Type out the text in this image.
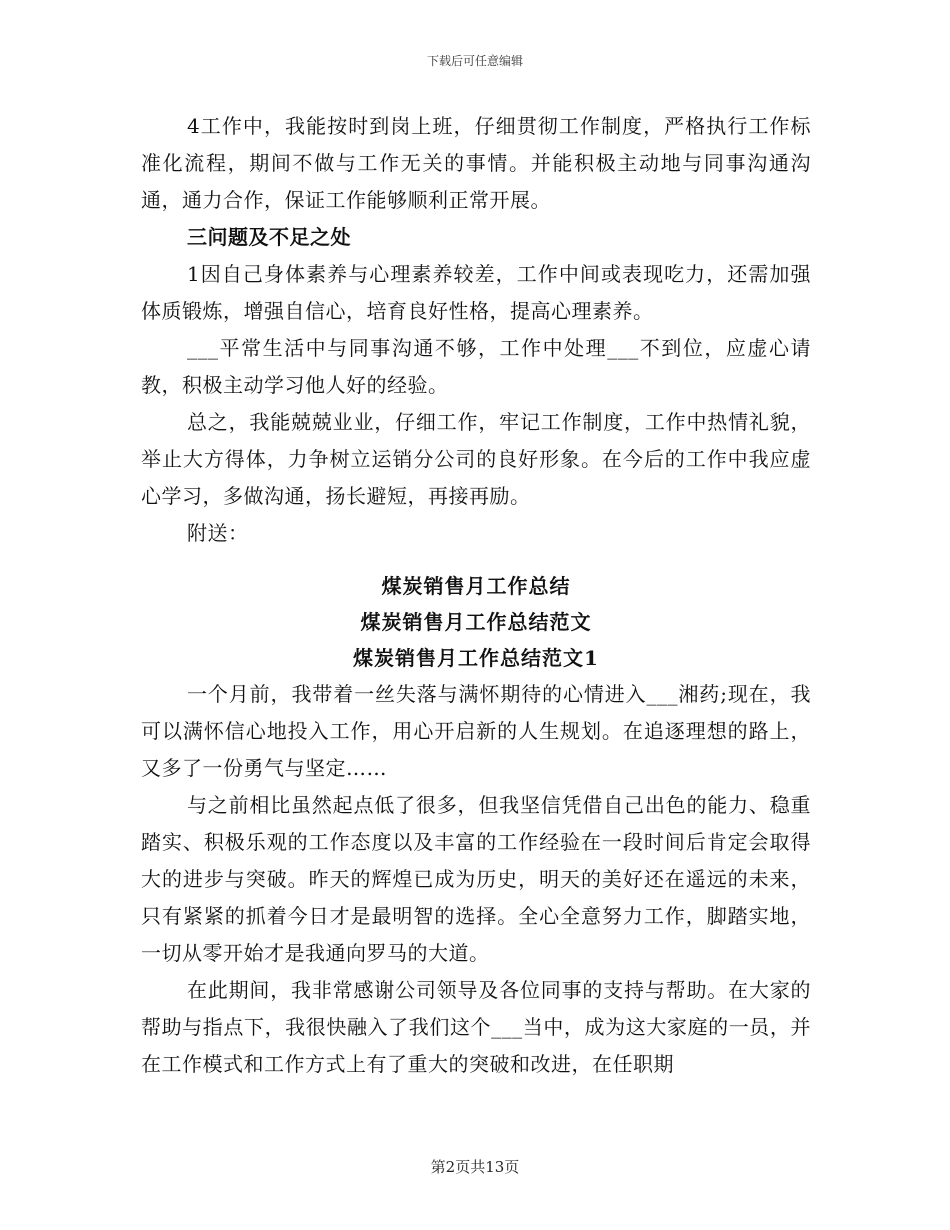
下载后可任意编辑

4工作中，我能按时到岗上班，仔细贯彻工作制度，严格执行工作标准化流程，期间不做与工作无关的事情。并能积极主动地与同事沟通沟通，通力合作，保证工作能够顺利正常开展。

三问题及不足之处

1因自己身体素养与心理素养较差，工作中间或表现吃力，还需加强体质锻炼，增强自信心，培育良好性格，提高心理素养。

___平常生活中与同事沟通不够，工作中处理___不到位，应虚心请教，积极主动学习他人好的经验。

总之，我能兢兢业业，仔细工作，牢记工作制度，工作中热情礼貌，举止大方得体，力争树立运销分公司的良好形象。在今后的工作中我应虚心学习，多做沟通，扬长避短，再接再励。

附送：

煤炭销售月工作总结

煤炭销售月工作总结范文

煤炭销售月工作总结范文1

一个月前，我带着一丝失落与满怀期待的心情进入___湘药;现在，我可以满怀信心地投入工作，用心开启新的人生规划。在追逐理想的路上，又多了一份勇气与坚定……

与之前相比虽然起点低了很多，但我坚信凭借自己出色的能力、稳重踏实、积极乐观的工作态度以及丰富的工作经验在一段时间后肯定会取得大的进步与突破。昨天的辉煌已成为历史，明天的美好还在遥远的未来，只有紧紧的抓着今日才是最明智的选择。全心全意努力工作，脚踏实地，一切从零开始才是我通向罗马的大道。

在此期间，我非常感谢公司领导及各位同事的支持与帮助。在大家的帮助与指点下，我很快融入了我们这个___当中，成为这大家庭的一员，并在工作模式和工作方式上有了重大的突破和改进，在任职期

第2页共13页
